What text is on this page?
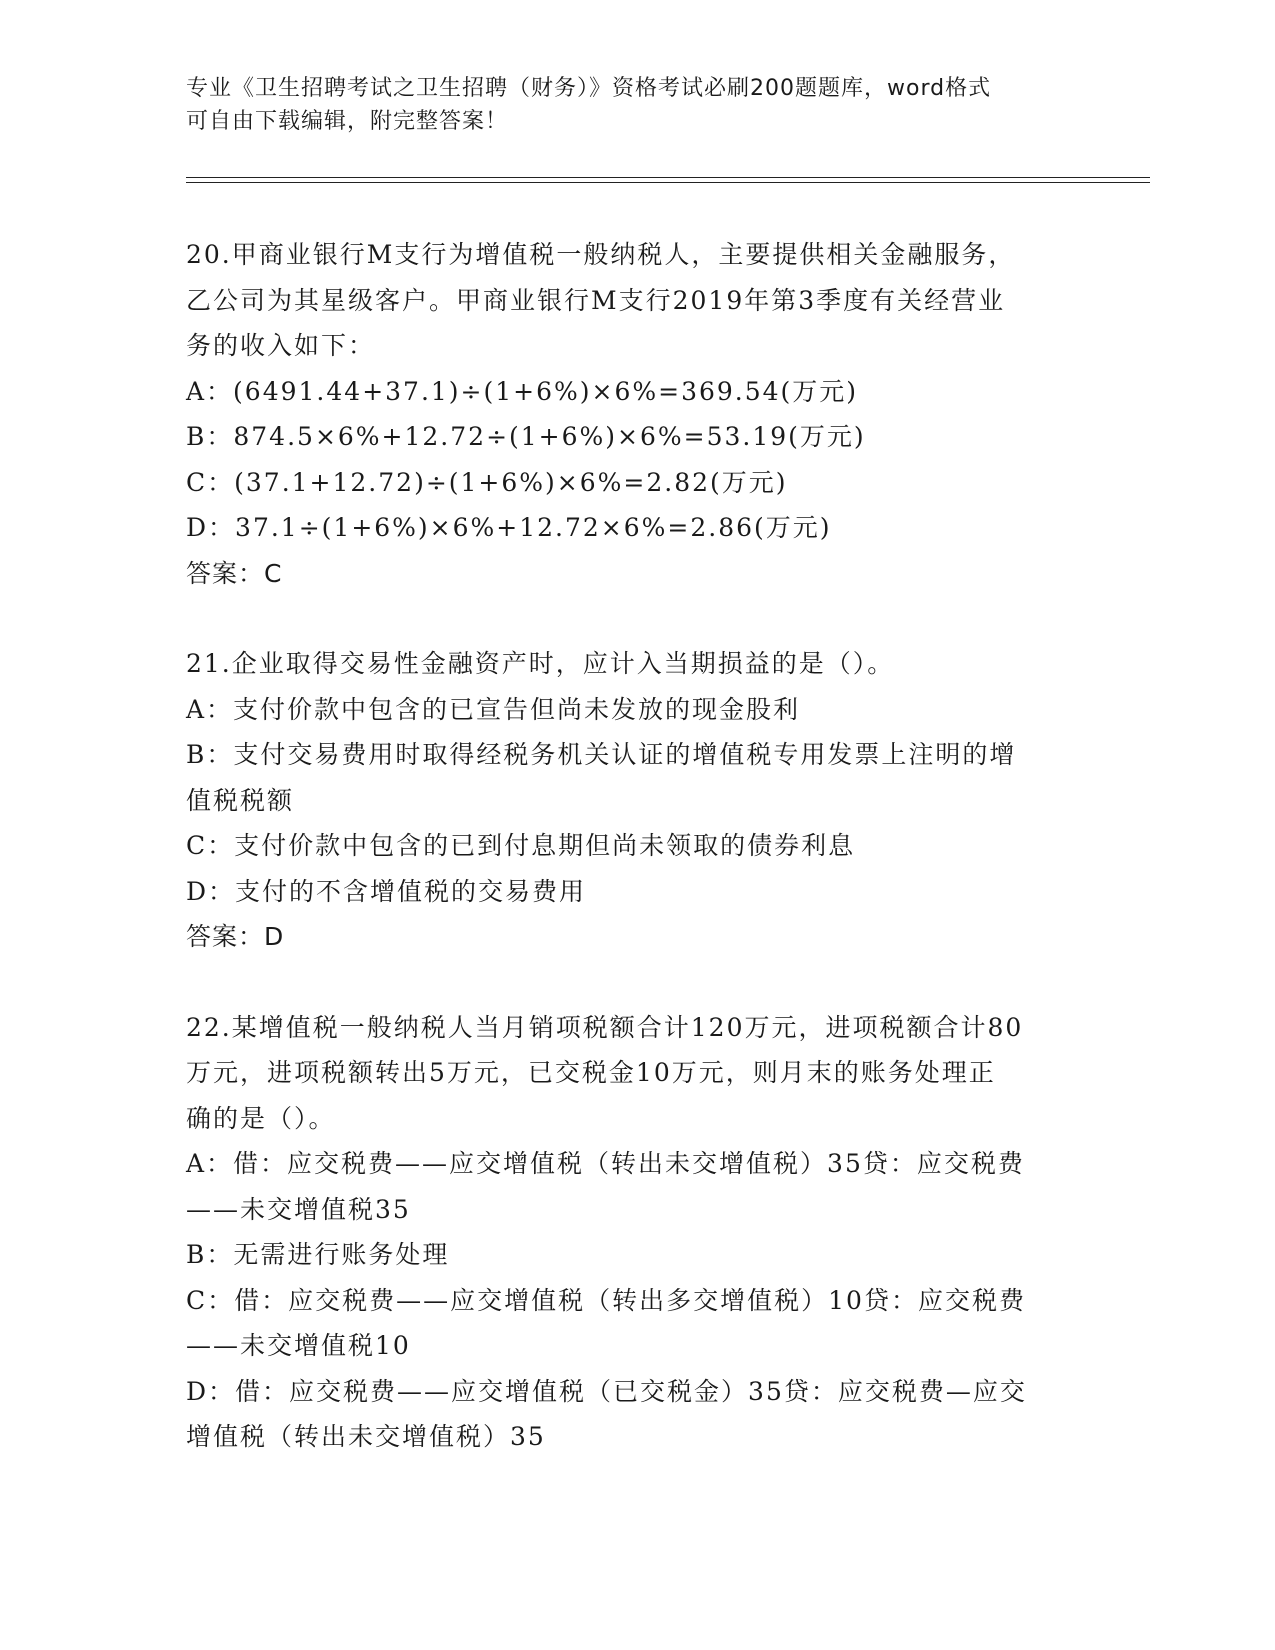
专业《卫生招聘考试之卫生招聘（财务）》资格考试必刷200题题库，word格式
可自由下载编辑，附完整答案！

20.甲商业银行M支行为增值税一般纳税人，主要提供相关金融服务，

乙公司为其星级客户。甲商业银行M支行2019年第3季度有关经营业

务的收入如下：

A：(6491.44+37.1)÷(1+6%)×6%=369.54(万元)

B：874.5×6%+12.72÷(1+6%)×6%=53.19(万元)

C：(37.1+12.72)÷(1+6%)×6%=2.82(万元)

D：37.1÷(1+6%)×6%+12.72×6%=2.86(万元)

答案：C

21.企业取得交易性金融资产时，应计入当期损益的是（）。

A：支付价款中包含的已宣告但尚未发放的现金股利

B：支付交易费用时取得经税务机关认证的增值税专用发票上注明的增

值税税额

C：支付价款中包含的已到付息期但尚未领取的债券利息

D：支付的不含增值税的交易费用

答案：D

22.某增值税一般纳税人当月销项税额合计120万元，进项税额合计80

万元，进项税额转出5万元，已交税金10万元，则月末的账务处理正

确的是（）。

A：借：应交税费——应交增值税（转出未交增值税）35贷：应交税费

——未交增值税35

B：无需进行账务处理

C：借：应交税费——应交增值税（转出多交增值税）10贷：应交税费

——未交增值税10

D：借：应交税费——应交增值税（已交税金）35贷：应交税费—应交

增值税（转出未交增值税）35
